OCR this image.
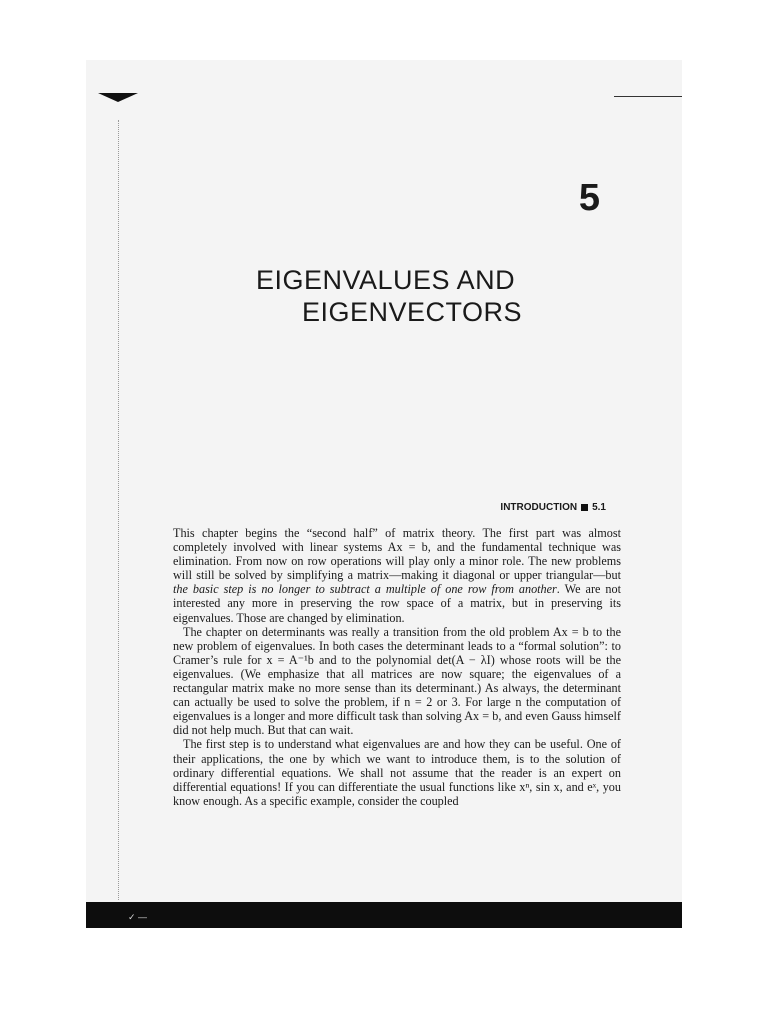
5
EIGENVALUES AND
EIGENVECTORS
INTRODUCTION 5.1

This chapter begins the “second half” of matrix theory. The first part was almost completely involved with linear systems Ax = b, and the fundamental technique was elimination. From now on row operations will play only a minor role. The new problems will still be solved by simplifying a matrix—making it diagonal or upper triangular—but the basic step is no longer to subtract a multiple of one row from another. We are not interested any more in preserving the row space of a matrix, but in preserving its eigenvalues. Those are changed by elimination.

The chapter on determinants was really a transition from the old problem Ax = b to the new problem of eigenvalues. In both cases the determinant leads to a “formal solution”: to Cramer’s rule for x = A⁻¹b and to the polynomial det(A − λI) whose roots will be the eigenvalues. (We emphasize that all matrices are now square; the eigenvalues of a rectangular matrix make no more sense than its determinant.) As always, the determinant can actually be used to solve the problem, if n = 2 or 3. For large n the computation of eigenvalues is a longer and more difficult task than solving Ax = b, and even Gauss himself did not help much. But that can wait.

The first step is to understand what eigenvalues are and how they can be useful. One of their applications, the one by which we want to introduce them, is to the solution of ordinary differential equations. We shall not assume that the reader is an expert on differential equations! If you can differentiate the usual functions like xⁿ, sin x, and eˣ, you know enough. As a specific example, consider the coupled

✓ ―
